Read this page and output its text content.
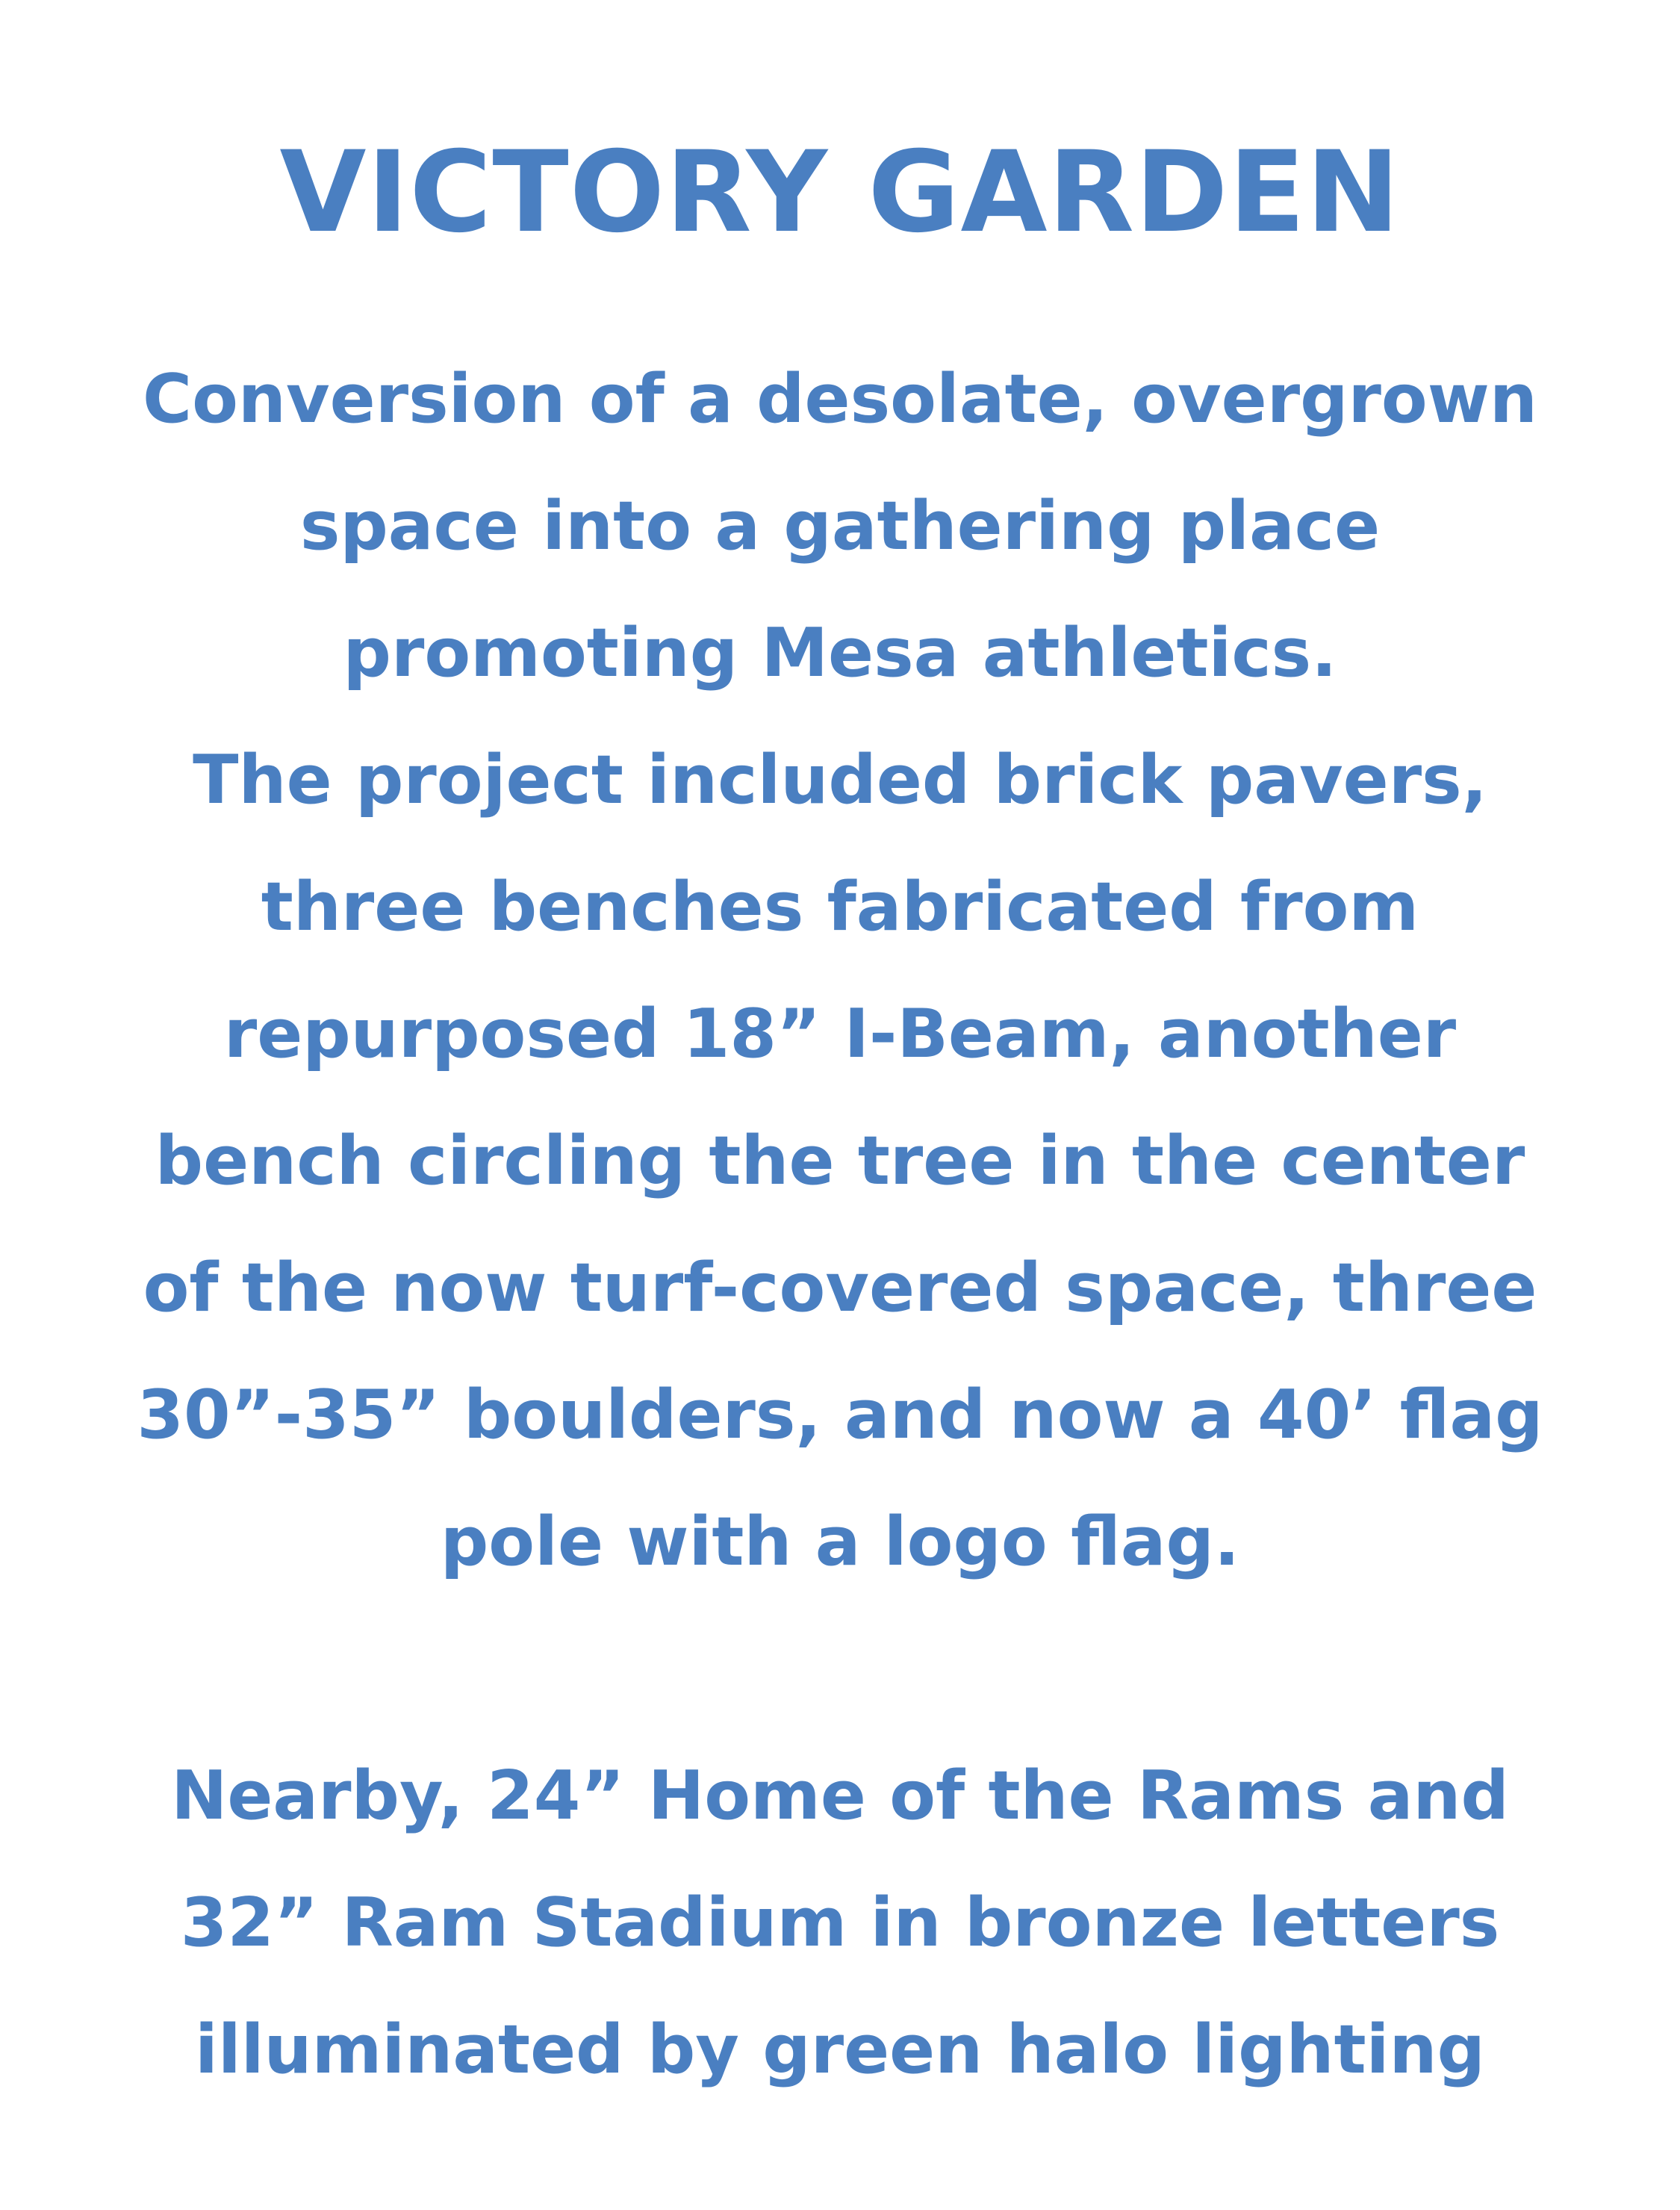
VICTORY GARDEN
Conversion of a desolate, overgrown
space into a gathering place
promoting Mesa athletics.
The project included brick pavers,
three benches fabricated from
repurposed 18” I-Beam, another
bench circling the tree in the center
of the now turf-covered space, three
30”-35” boulders, and now a 40’ flag
pole with a logo flag.
Nearby, 24” Home of the Rams and
32” Ram Stadium in bronze letters
illuminated by green halo lighting
